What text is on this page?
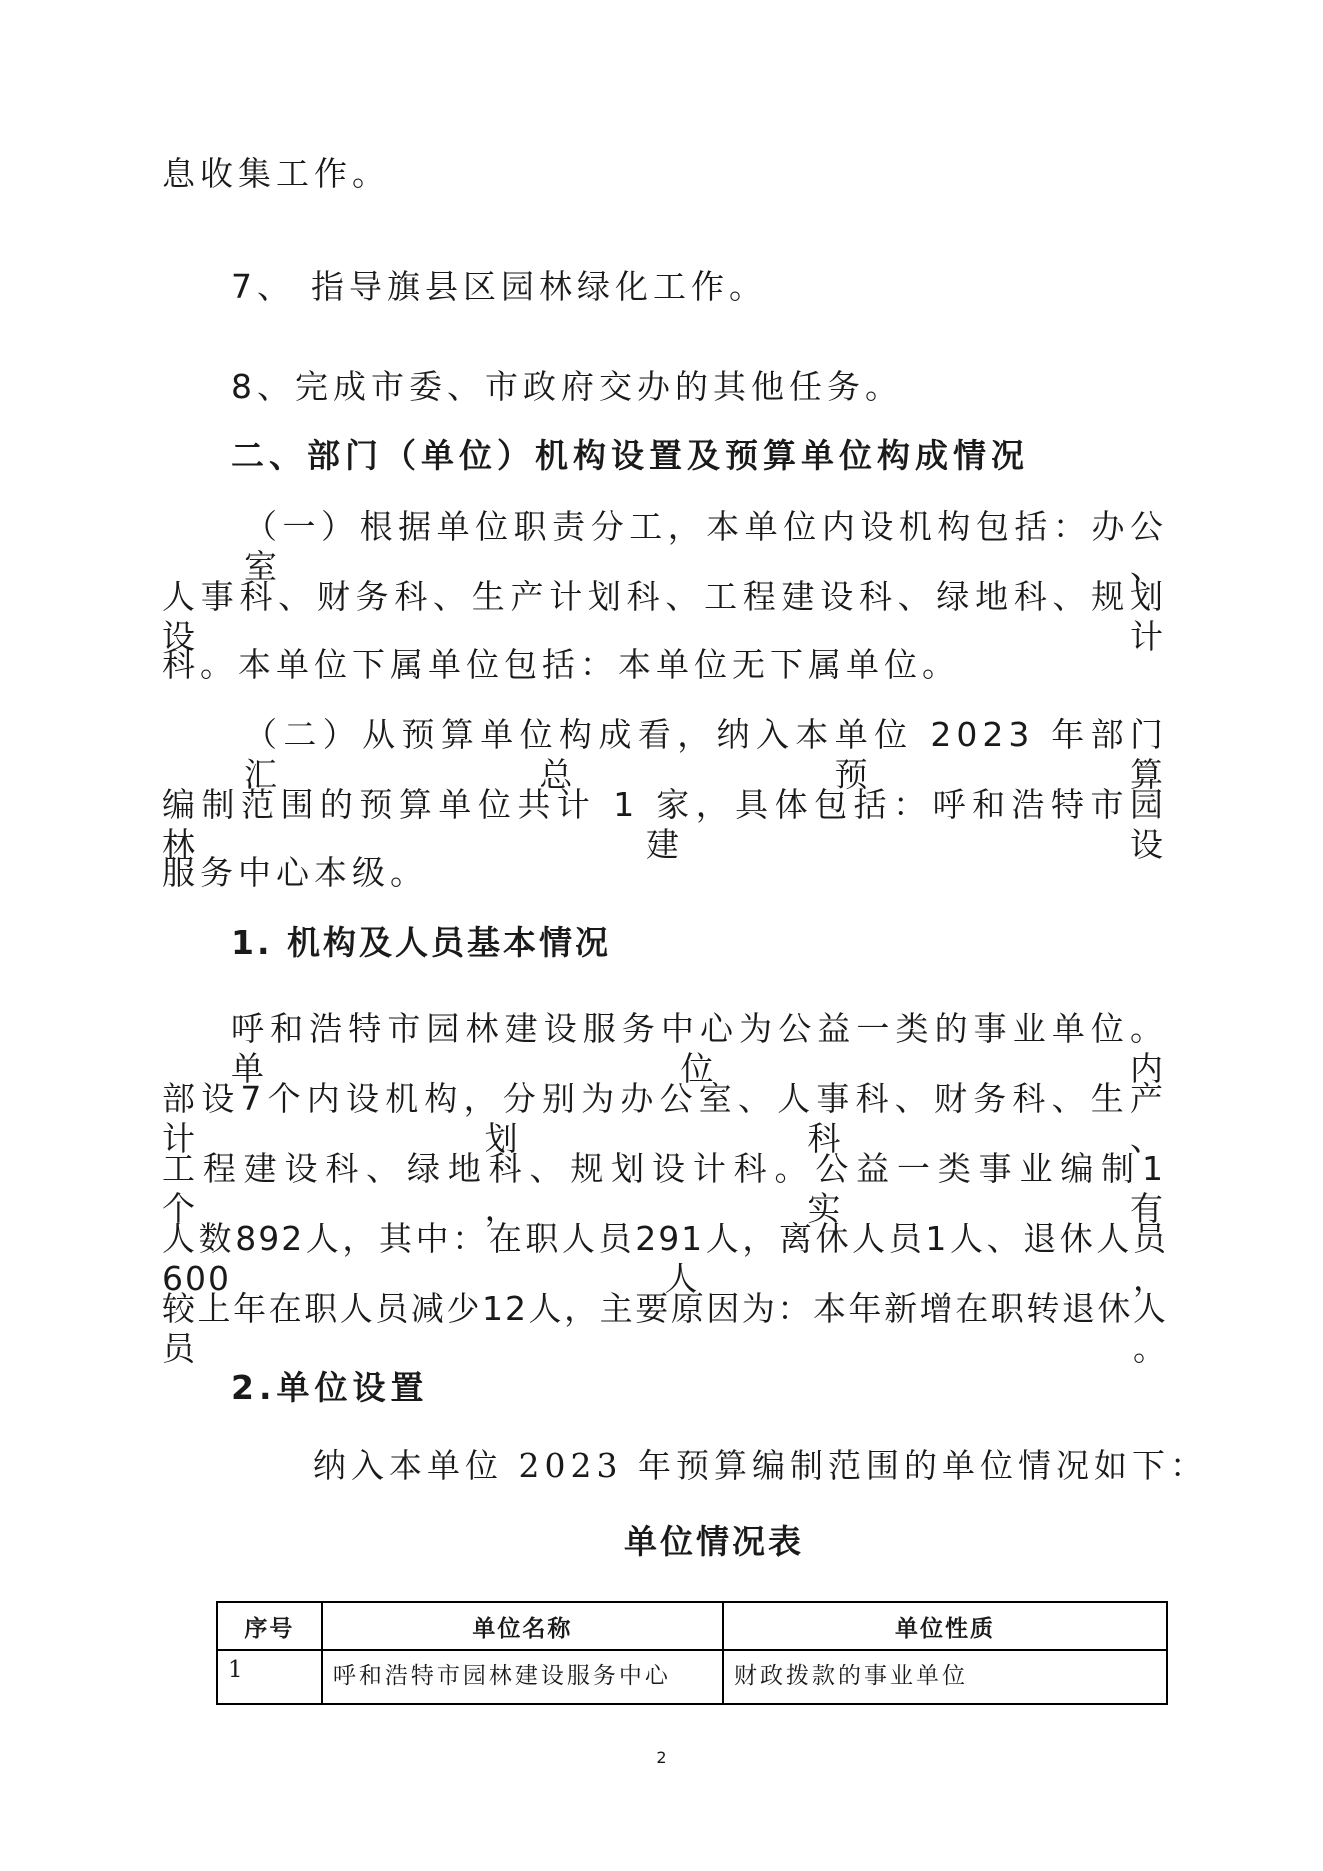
息收集工作。
7、 指导旗县区园林绿化工作。
8、完成市委、市政府交办的其他任务。
二、部门（单位）机构设置及预算单位构成情况
（一）根据单位职责分工，本单位内设机构包括：办公室、
人事科、财务科、生产计划科、工程建设科、绿地科、规划设计
科。本单位下属单位包括：本单位无下属单位。
（二）从预算单位构成看，纳入本单位 2023 年部门汇总预算
编制范围的预算单位共计 1 家，具体包括：呼和浩特市园林建设
服务中心本级。
1. 机构及人员基本情况
呼和浩特市园林建设服务中心为公益一类的事业单位。单位内
部设7个内设机构，分别为办公室、人事科、财务科、生产计划科、
工程建设科、绿地科、规划设计科。公益一类事业编制1个，实有
人数892人，其中：在职人员291人，离休人员1人、退休人员600人，
较上年在职人员减少12人，主要原因为：本年新增在职转退休人员。
2.单位设置
纳入本单位 2023 年预算编制范围的单位情况如下：
单位情况表
序号	单位名称	单位性质
1	呼和浩特市园林建设服务中心	财政拨款的事业单位
2
